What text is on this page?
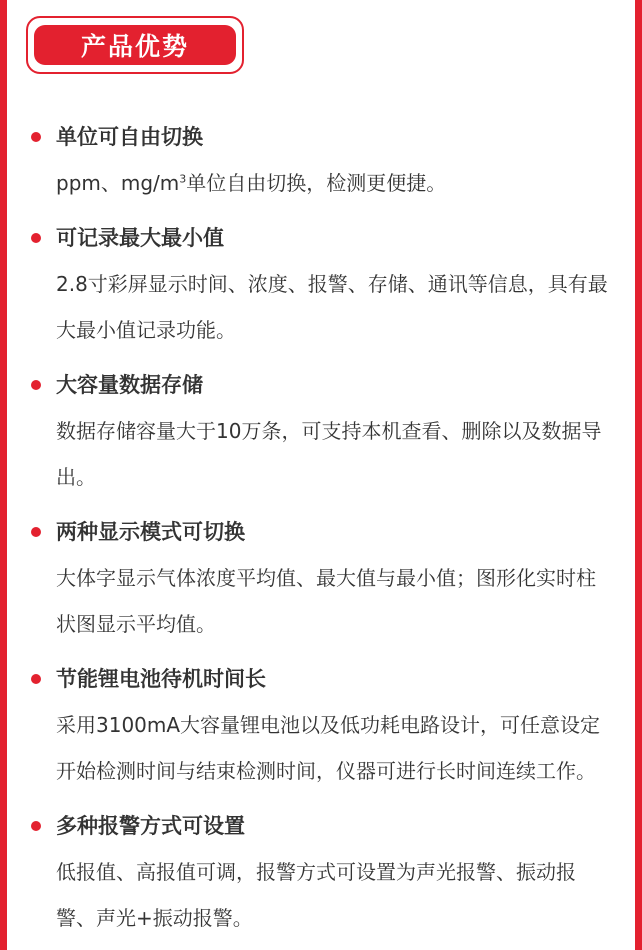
产品优势
单位可自由切换
ppm、$mg/m^3$单位自由切换，检测更便捷。
可记录最大最小值
2.8寸彩屏显示时间、浓度、报警、存储、通讯等信息，具有最大最小值记录功能。
大容量数据存储
数据存储容量大于10万条，可支持本机查看、删除以及数据导出。
两种显示模式可切换
大体字显示气体浓度平均值、最大值与最小值；图形化实时柱状图显示平均值。
节能锂电池待机时间长
采用3100mA大容量锂电池以及低功耗电路设计，可任意设定开始检测时间与结束检测时间，仪器可进行长时间连续工作。
多种报警方式可设置
低报值、高报值可调，报警方式可设置为声光报警、振动报警、声光+振动报警。
